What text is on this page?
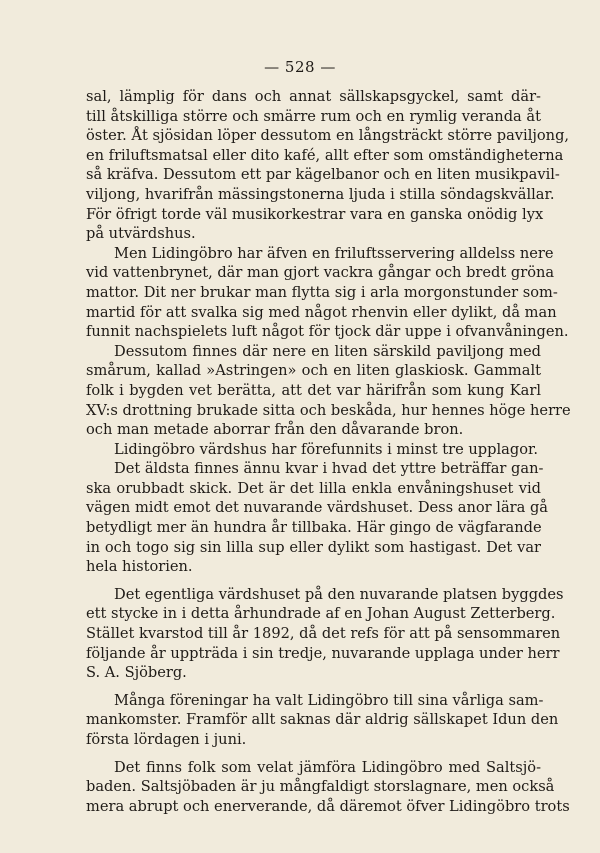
— 528 —
sal, lämplig för dans och annat sällskapsgyckel, samt där-
till åtskilliga större och smärre rum och en rymlig veranda åt
öster. Åt sjösidan löper dessutom en långsträckt större paviljong,
en friluftsmatsal eller dito kafé, allt efter som omständigheterna
så kräfva. Dessutom ett par kägelbanor och en liten musikpavil-
viljong, hvarifrån mässingstonerna ljuda i stilla söndagskvällar.
För öfrigt torde väl musikorkestrar vara en ganska onödig lyx
på utvärdshus.
Men Lidingöbro har äfven en friluftsservering alldelss nere
vid vattenbrynet, där man gjort vackra gångar och bredt gröna
mattor. Dit ner brukar man flytta sig i arla morgonstunder som-
martid för att svalka sig med något rhenvin eller dylikt, då man
funnit nachspielets luft något för tjock där uppe i ofvanvåningen.
Dessutom finnes där nere en liten särskild paviljong med
smårum, kallad »Astringen» och en liten glaskiosk. Gammalt
folk i bygden vet berätta, att det var härifrån som kung Karl
XV:s drottning brukade sitta och beskåda, hur hennes höge herre
och man metade aborrar från den dåvarande bron.
Lidingöbro värdshus har förefunnits i minst tre upplagor.
Det äldsta finnes ännu kvar i hvad det yttre beträffar gan-
ska orubbadt skick. Det är det lilla enkla envåningshuset vid
vägen midt emot det nuvarande värdshuset. Dess anor lära gå
betydligt mer än hundra år tillbaka. Här gingo de vägfarande
in och togo sig sin lilla sup eller dylikt som hastigast. Det var
hela historien.
Det egentliga värdshuset på den nuvarande platsen byggdes
ett stycke in i detta århundrade af en Johan August Zetterberg.
Stället kvarstod till år 1892, då det refs för att på sensommaren
följande år uppträda i sin tredje, nuvarande upplaga under herr
S. A. Sjöberg.
Många föreningar ha valt Lidingöbro till sina vårliga sam-
mankomster. Framför allt saknas där aldrig sällskapet Idun den
första lördagen i juni.
Det finns folk som velat jämföra Lidingöbro med Saltsjö-
baden. Saltsjöbaden är ju mångfaldigt storslagnare, men också
mera abrupt och enerverande, då däremot öfver Lidingöbro trots
